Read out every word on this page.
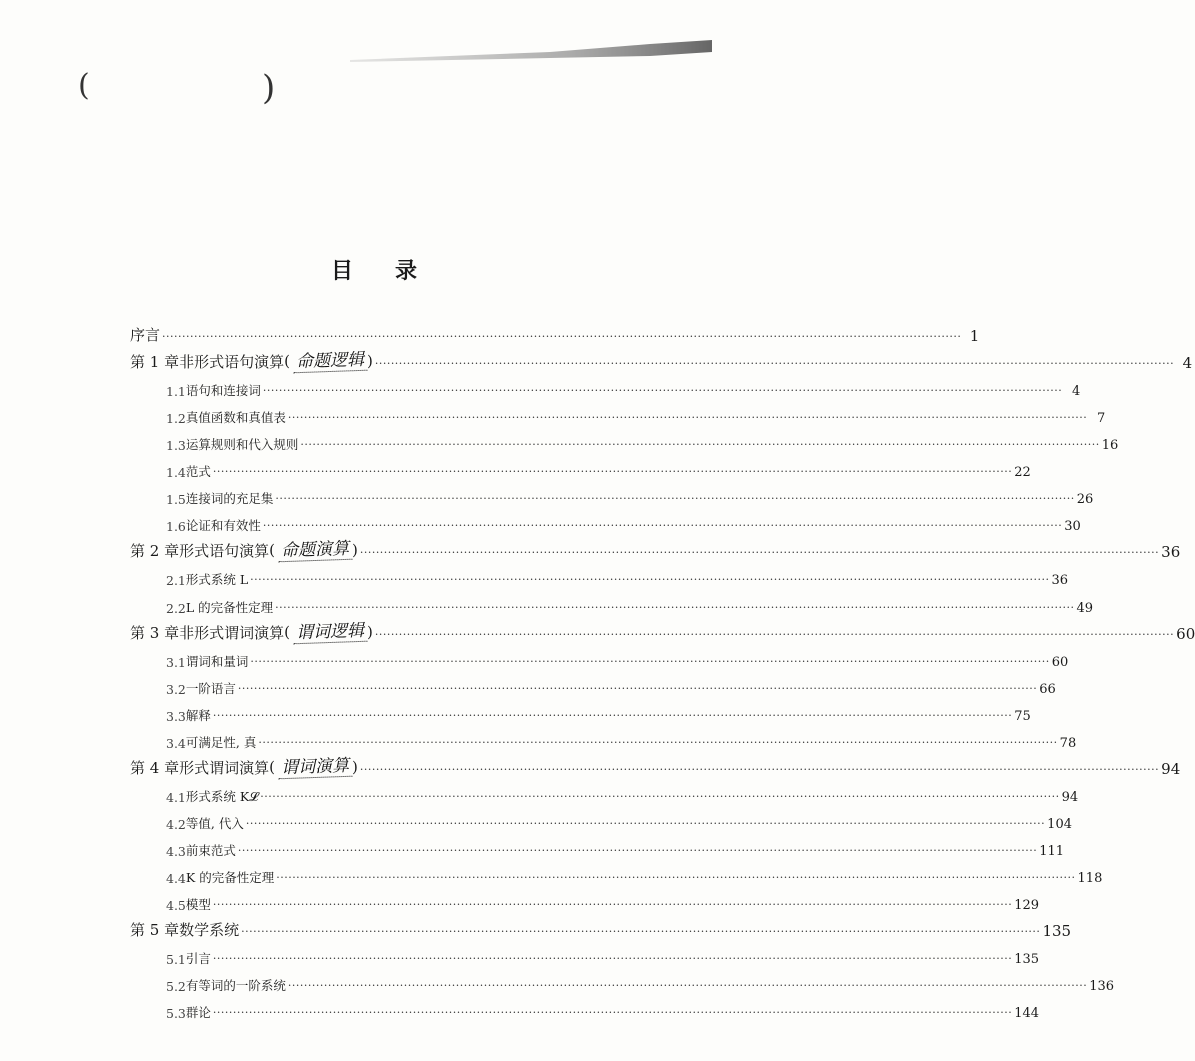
(	)
目 录
序言 ········································································································································································································ 1
第 1 章 非形式语句演算 ( 命题逻辑 ) ········································································································································································································ 4
1.1 语句和连接词 ········································································································································································································ 4
1.2 真值函数和真值表 ········································································································································································································ 7
1.3 运算规则和代入规则 ········································································································································································································ 16
1.4 范式 ········································································································································································································ 22
1.5 连接词的充足集 ········································································································································································································ 26
1.6 论证和有效性 ········································································································································································································ 30
第 2 章 形式语句演算 ( 命题演算 ) ········································································································································································································ 36
2.1 形式系统 L ········································································································································································································ 36
2.2 L 的完备性定理 ········································································································································································································ 49
第 3 章 非形式谓词演算 ( 谓词逻辑 ) ········································································································································································································ 60
3.1 谓词和量词 ········································································································································································································ 60
3.2 一阶语言 ········································································································································································································ 66
3.3 解释 ········································································································································································································ 75
3.4 可满足性, 真 ········································································································································································································ 78
第 4 章 形式谓词演算 ( 谓词演算 ) ········································································································································································································ 94
4.1 形式系统 K𝓛 ········································································································································································································ 94
4.2 等值, 代入 ········································································································································································································ 104
4.3 前束范式 ········································································································································································································ 111
4.4 K 的完备性定理 ········································································································································································································ 118
4.5 模型 ········································································································································································································ 129
第 5 章 数学系统 ········································································································································································································ 135
5.1 引言 ········································································································································································································ 135
5.2 有等词的一阶系统 ········································································································································································································ 136
5.3 群论 ········································································································································································································ 144
